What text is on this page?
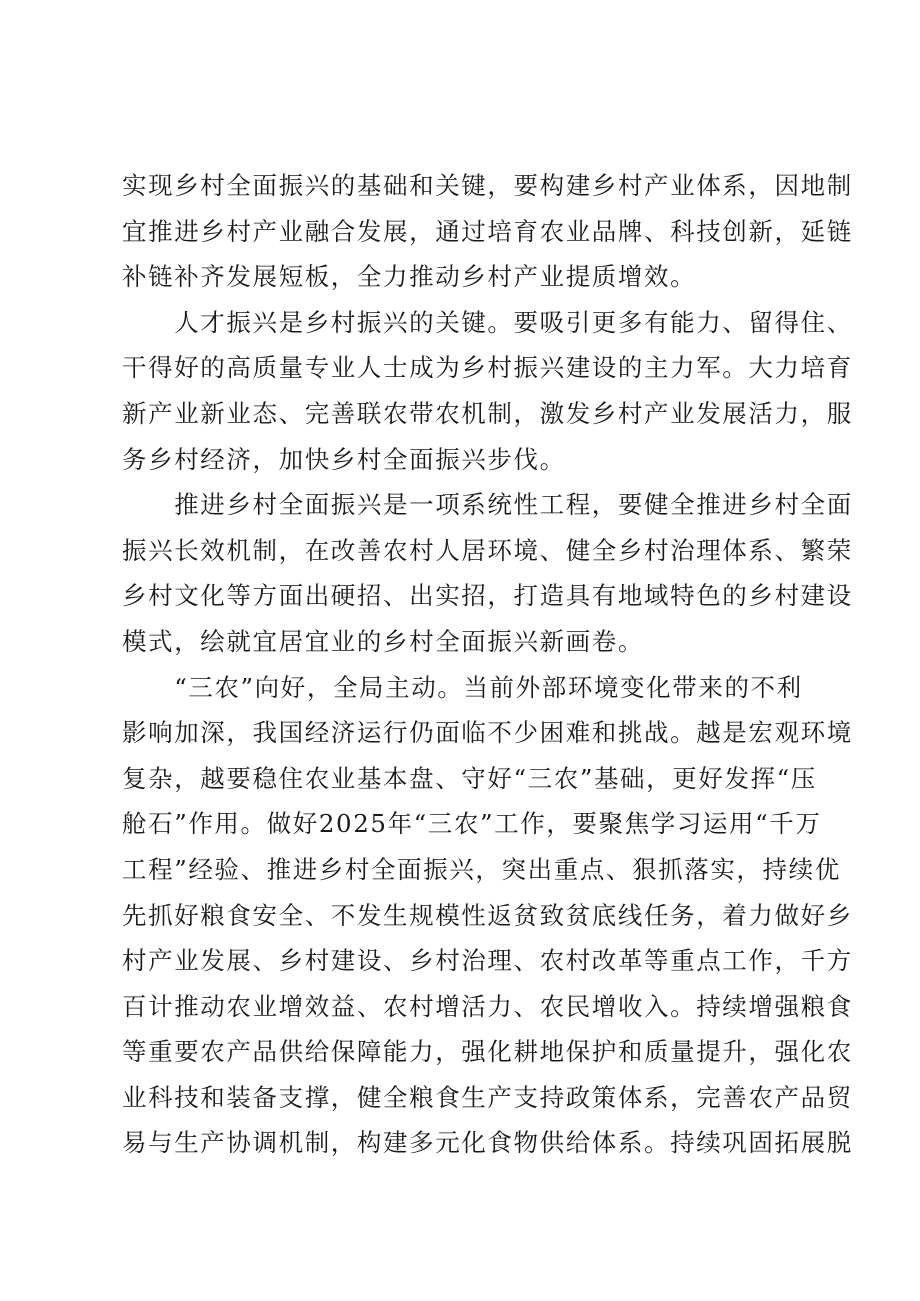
实现乡村全面振兴的基础和关键，要构建乡村产业体系，因地制
宜推进乡村产业融合发展，通过培育农业品牌、科技创新，延链
补链补齐发展短板，全力推动乡村产业提质增效。
　　人才振兴是乡村振兴的关键。要吸引更多有能力、留得住、
干得好的高质量专业人士成为乡村振兴建设的主力军。大力培育
新产业新业态、完善联农带农机制，激发乡村产业发展活力，服
务乡村经济，加快乡村全面振兴步伐。
　　推进乡村全面振兴是一项系统性工程，要健全推进乡村全面
振兴长效机制，在改善农村人居环境、健全乡村治理体系、繁荣
乡村文化等方面出硬招、出实招，打造具有地域特色的乡村建设
模式，绘就宜居宜业的乡村全面振兴新画卷。
　　“三农”向好，全局主动。当前外部环境变化带来的不利
影响加深，我国经济运行仍面临不少困难和挑战。越是宏观环境
复杂，越要稳住农业基本盘、守好“三农”基础，更好发挥“压
舱石”作用。做好2025年“三农”工作，要聚焦学习运用“千万
工程”经验、推进乡村全面振兴，突出重点、狠抓落实，持续优
先抓好粮食安全、不发生规模性返贫致贫底线任务，着力做好乡
村产业发展、乡村建设、乡村治理、农村改革等重点工作，千方
百计推动农业增效益、农村增活力、农民增收入。持续增强粮食
等重要农产品供给保障能力，强化耕地保护和质量提升，强化农
业科技和装备支撑，健全粮食生产支持政策体系，完善农产品贸
易与生产协调机制，构建多元化食物供给体系。持续巩固拓展脱
